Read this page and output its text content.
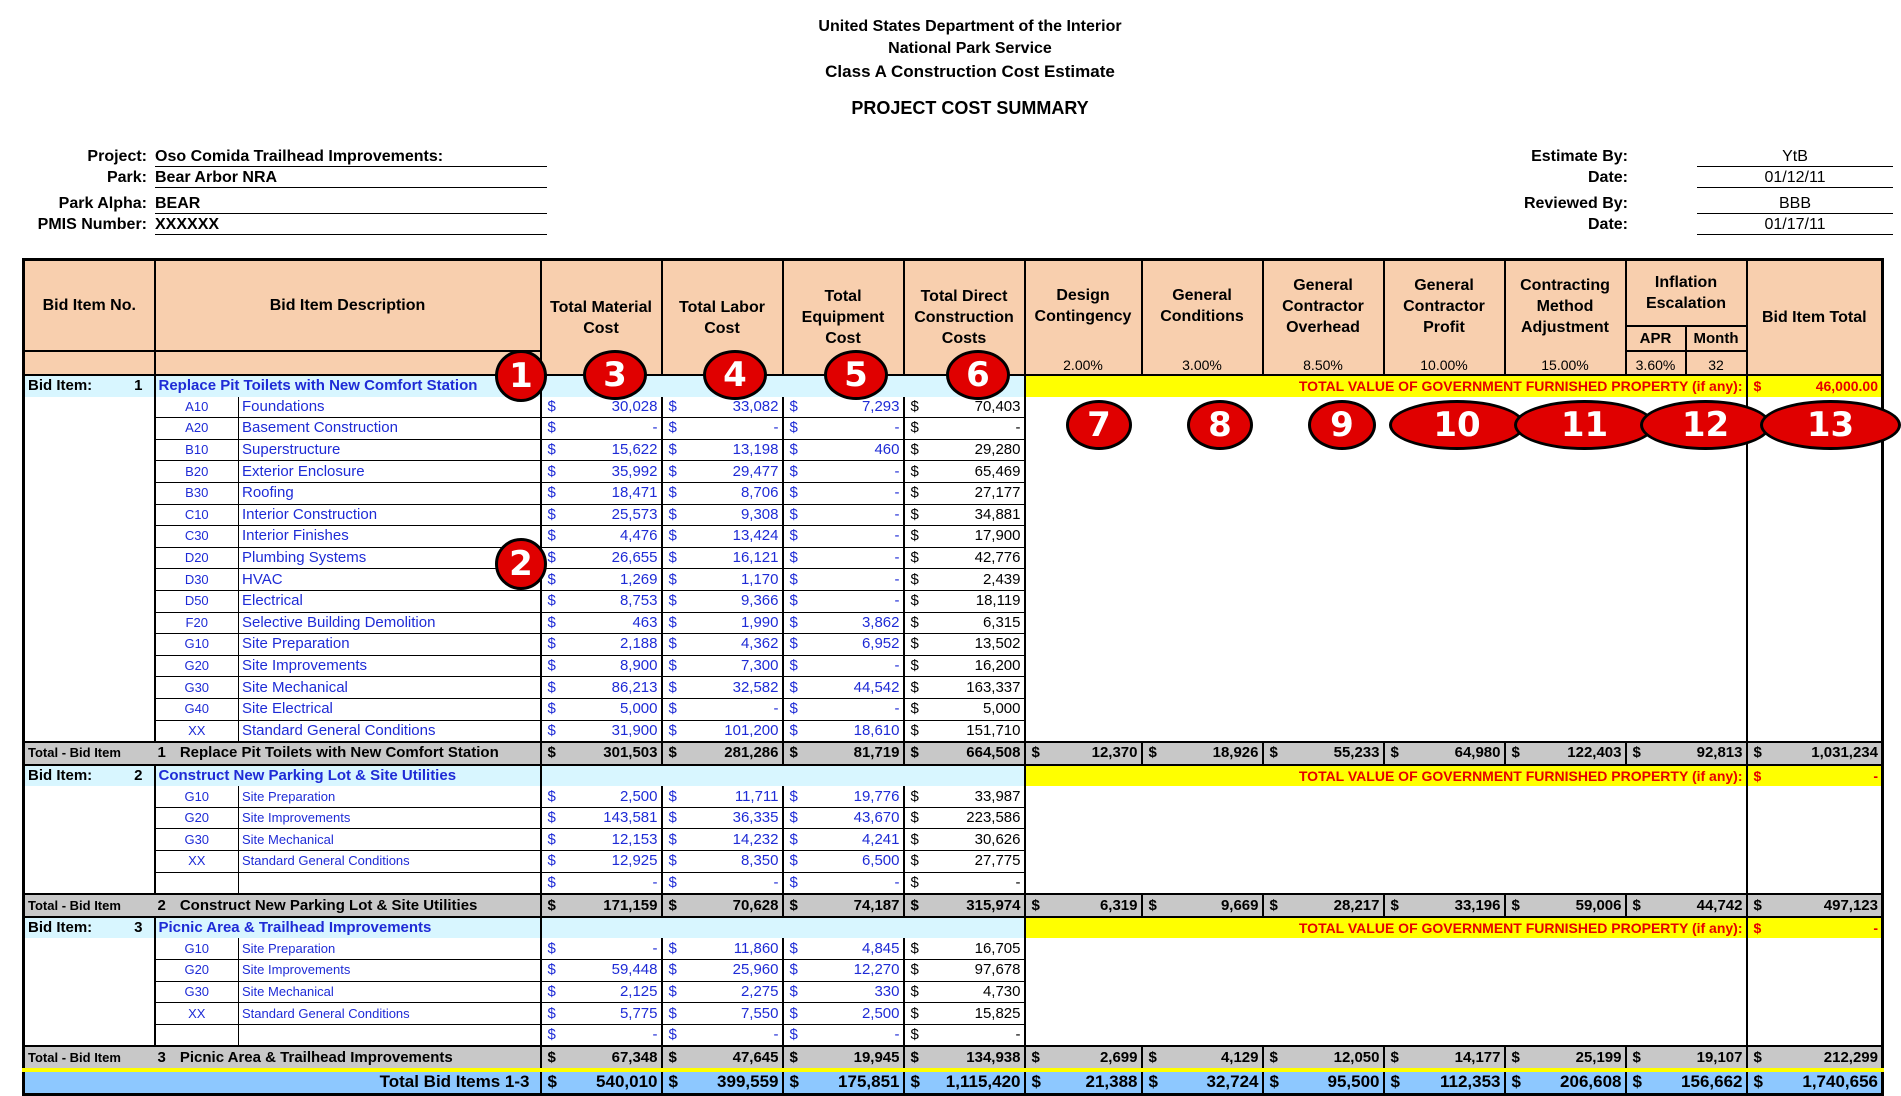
United States Department of the Interior
National Park Service
Class A Construction Cost Estimate
PROJECT COST SUMMARY
Project: Oso Comida Trailhead Improvements:
Park: Bear Arbor NRA
Park Alpha: BEAR
PMIS Number: XXXXXX
Estimate By:	YtB
Date:	01/12/11
Reviewed By:	BBB
Date:	01/17/11
Bid Item No.	Bid Item Description		Total Material Cost	Total Labor Cost	Total Equipment Cost	Total Direct Construction Costs	Design Contingency	General Conditions	General Contractor Overhead	General Contractor Profit	Contracting Method Adjustment	Inflation Escalation		Bid Item Total
												APR	Month	
							2.00%	3.00%	8.50%	10.00%	15.00%	3.60%	32	
Bid Item: 1	Replace Pit Toilets with New Comfort Station						TOTAL VALUE OF GOVERNMENT FURNISHED PROPERTY (if any):							$ 46,000.00
	A10	Foundations	$ 30,028	$ 33,082	$ 7,293	$ 70,403								

	A20	Basement Construction	$ -	$ -	$ -	$ -								

	B10	Superstructure	$ 15,622	$ 13,198	$ 460	$ 29,280								

	B20	Exterior Enclosure	$ 35,992	$ 29,477	$ -	$ 65,469								

	B30	Roofing	$ 18,471	$ 8,706	$ -	$ 27,177								

	C10	Interior Construction	$ 25,573	$ 9,308	$ -	$ 34,881								

	C30	Interior Finishes	$ 4,476	$ 13,424	$ -	$ 17,900								

	D20	Plumbing Systems	$ 26,655	$ 16,121	$ -	$ 42,776								

	D30	HVAC	$ 1,269	$ 1,170	$ -	$ 2,439								

	D50	Electrical	$ 8,753	$ 9,366	$ -	$ 18,119								

	F20	Selective Building Demolition	$ 463	$ 1,990	$ 3,862	$ 6,315								

	G10	Site Preparation	$ 2,188	$ 4,362	$ 6,952	$ 13,502								

	G20	Site Improvements	$ 8,900	$ 7,300	$ -	$ 16,200								

	G30	Site Mechanical	$ 86,213	$ 32,582	$ 44,542	$ 163,337								

	G40	Site Electrical	$ 5,000	$ -	$ -	$ 5,000								

	XX	Standard General Conditions	$ 31,900	$ 101,200	$ 18,610	$ 151,710								

Total - Bid Item	1 Replace Pit Toilets with New Comfort Station		$ 301,503	$ 281,286	$ 81,719	$ 664,508	$ 12,370	$ 18,926	$ 55,233	$ 64,980	$ 122,403	$ 92,813		$ 1,031,234

Bid Item: 2	Construct New Parking Lot & Site Utilities						TOTAL VALUE OF GOVERNMENT FURNISHED PROPERTY (if any):							$ -
	G10	Site Preparation	$ 2,500	$ 11,711	$ 19,776	$ 33,987								

	G20	Site Improvements	$ 143,581	$ 36,335	$ 43,670	$ 223,586								

	G30	Site Mechanical	$ 12,153	$ 14,232	$ 4,241	$ 30,626								

	XX	Standard General Conditions	$ 12,925	$ 8,350	$ 6,500	$ 27,775								

			$ -	$ -	$ -	$ -								

Total - Bid Item	2 Construct New Parking Lot & Site Utilities		$ 171,159	$ 70,628	$ 74,187	$ 315,974	$ 6,319	$ 9,669	$ 28,217	$ 33,196	$ 59,006	$ 44,742		$ 497,123

Bid Item: 3	Picnic Area & Trailhead Improvements						TOTAL VALUE OF GOVERNMENT FURNISHED PROPERTY (if any):							$ -
	G10	Site Preparation	$ -	$ 11,860	$ 4,845	$ 16,705								

	G20	Site Improvements	$ 59,448	$ 25,960	$ 12,270	$ 97,678								

	G30	Site Mechanical	$ 2,125	$ 2,275	$ 330	$ 4,730								

	XX	Standard General Conditions	$ 5,775	$ 7,550	$ 2,500	$ 15,825								

			$ -	$ -	$ -	$ -								

Total - Bid Item	3 Picnic Area & Trailhead Improvements		$ 67,348	$ 47,645	$ 19,945	$ 134,938	$ 2,699	$ 4,129	$ 12,050	$ 14,177	$ 25,199	$ 19,107		$ 212,299

Total Bid Items 1-3			$ 540,010	$ 399,559	$ 175,851	$ 1,115,420	$ 21,388	$ 32,724	$ 95,500	$ 112,353	$ 206,608	$ 156,662		$ 1,740,656
1
2
3	4	5	6
7	8	9	10	11	12	13
